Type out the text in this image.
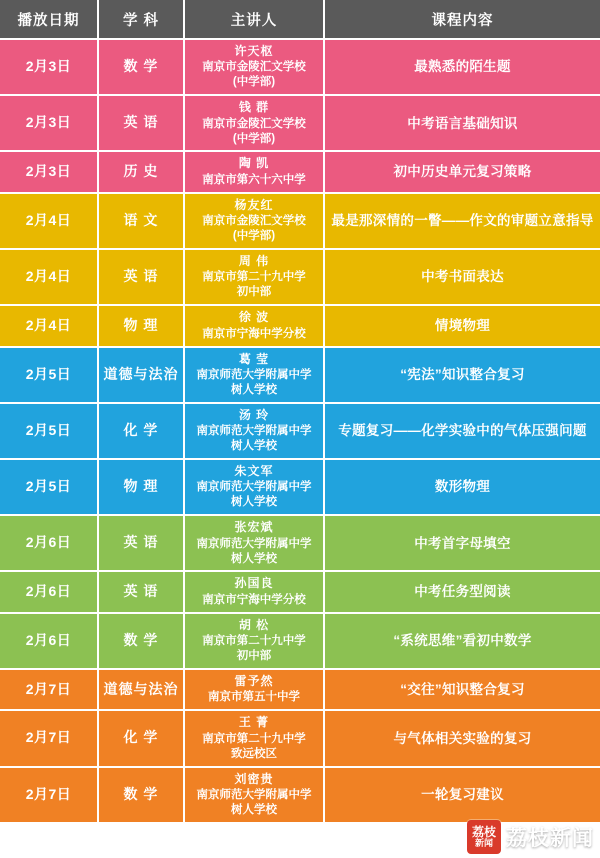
播放日期	学 科	主讲人	课程内容
2月3日	数 学	许天枢
南京市金陵汇文学校
(中学部)	最熟悉的陌生题
2月3日	英 语	钱 群
南京市金陵汇文学校
(中学部)	中考语言基础知识
2月3日	历 史	陶 凯
南京市第六十六中学	初中历史单元复习策略
2月4日	语 文	杨友红
南京市金陵汇文学校
(中学部)	最是那深情的一瞥——作文的审题立意指导
2月4日	英 语	周 伟
南京市第二十九中学
初中部	中考书面表达
2月4日	物 理	徐 波
南京市宁海中学分校	情境物理
2月5日	道德与法治	葛 莹
南京师范大学附属中学
树人学校	“宪法”知识整合复习
2月5日	化 学	汤 玲
南京师范大学附属中学
树人学校	专题复习——化学实验中的气体压强问题
2月5日	物 理	朱文军
南京师范大学附属中学
树人学校	数形物理
2月6日	英 语	张宏斌
南京师范大学附属中学
树人学校	中考首字母填空
2月6日	英 语	孙国良
南京市宁海中学分校	中考任务型阅读
2月6日	数 学	胡 松
南京市第二十九中学
初中部	“系统思维”看初中数学
2月7日	道德与法治	雷予然
南京市第五十中学	“交往”知识整合复习
2月7日	化 学	王 菁
南京市第二十九中学
致远校区	与气体相关实验的复习
2月7日	数 学	刘密贵
南京师范大学附属中学
树人学校	一轮复习建议
荔枝
新闻 荔枝新闻
